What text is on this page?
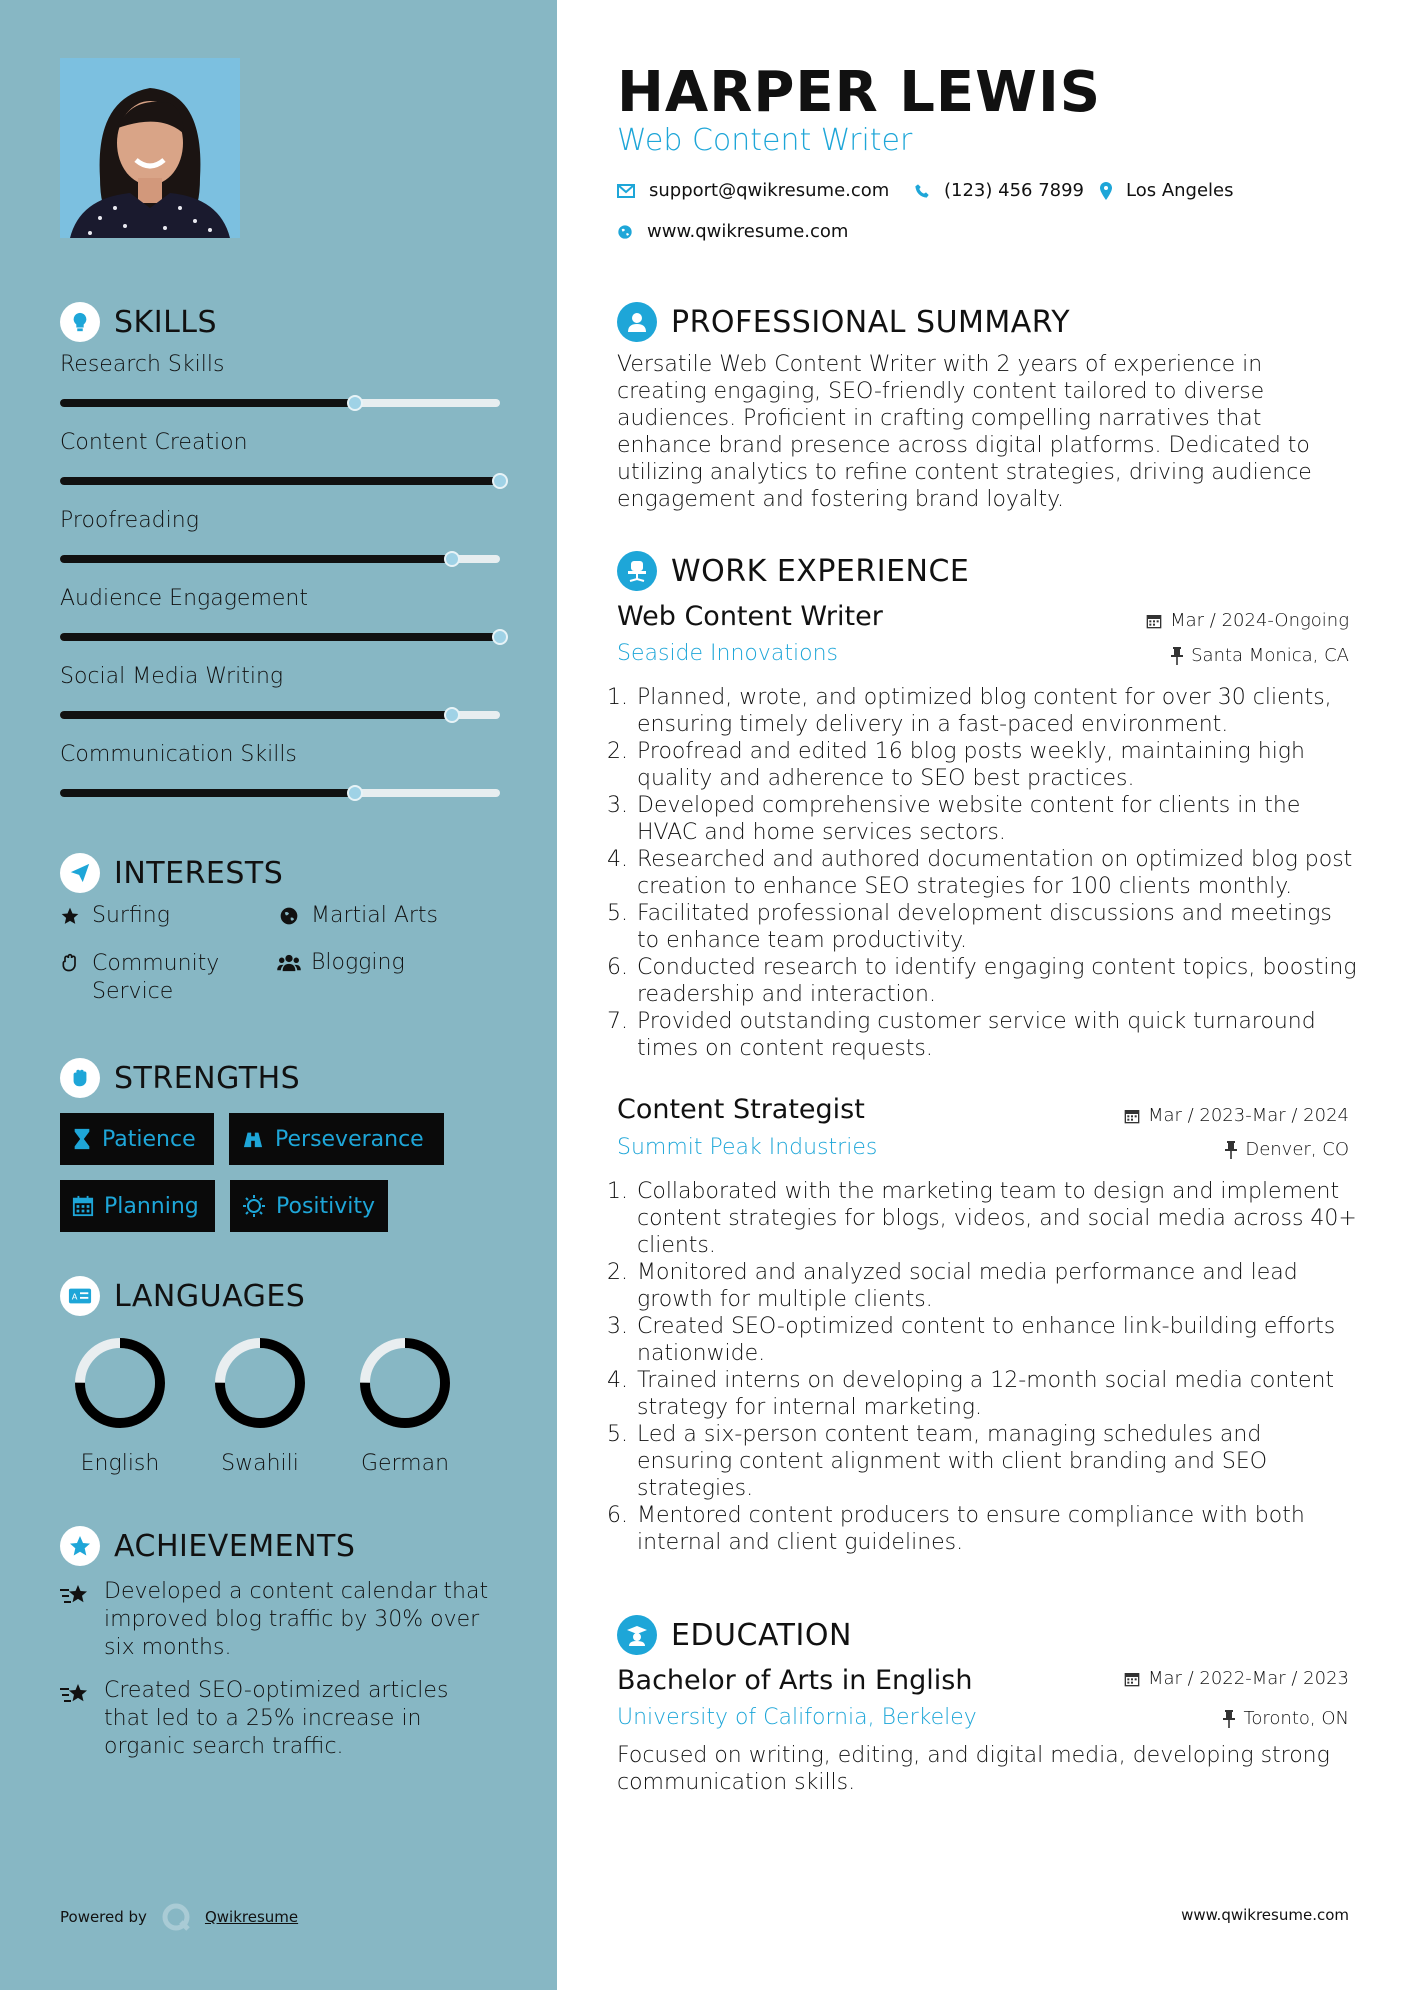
SKILLS
Research Skills
Content Creation
Proofreading
Audience Engagement
Social Media Writing
Communication Skills
INTERESTS
Surfing	Martial Arts
Community Service
Blogging
STRENGTHS
Patience	Perseverance
Planning	Positivity
A LANGUAGES
English	Swahili	German
ACHIEVEMENTS
Developed a content calendar that improved blog traffic by 30% over six months.
Created SEO-optimized articles that led to a 25% increase in organic search traffic.
Powered by	Qwikresume
HARPER LEWIS
Web Content Writer
support@qwikresume.com	(123) 456 7899 Los Angeles
www.qwikresume.com
PROFESSIONAL SUMMARY
Versatile Web Content Writer with 2 years of experience in creating engaging, SEO-friendly content tailored to diverse audiences. Proficient in crafting compelling narratives that enhance brand presence across digital platforms. Dedicated to utilizing analytics to refine content strategies, driving audience engagement and fostering brand loyalty.
WORK EXPERIENCE
Web Content Writer
Seaside Innovations
Mar / 2024-Ongoing
Santa Monica, CA
1. Planned, wrote, and optimized blog content for over 30 clients, ensuring timely delivery in a fast-paced environment.
2. Proofread and edited 16 blog posts weekly, maintaining high quality and adherence to SEO best practices.
3. Developed comprehensive website content for clients in the HVAC and home services sectors.
4. Researched and authored documentation on optimized blog post creation to enhance SEO strategies for 100 clients monthly.
5. Facilitated professional development discussions and meetings to enhance team productivity.
6. Conducted research to identify engaging content topics, boosting readership and interaction.
7. Provided outstanding customer service with quick turnaround times on content requests.
Content Strategist
Summit Peak Industries
Mar / 2023-Mar / 2024
Denver, CO
1. Collaborated with the marketing team to design and implement content strategies for blogs, videos, and social media across 40+ clients.
2. Monitored and analyzed social media performance and lead growth for multiple clients.
3. Created SEO-optimized content to enhance link-building efforts nationwide.
4. Trained interns on developing a 12-month social media content strategy for internal marketing.
5. Led a six-person content team, managing schedules and ensuring content alignment with client branding and SEO strategies.
6. Mentored content producers to ensure compliance with both internal and client guidelines.
EDUCATION
Bachelor of Arts in English
University of California, Berkeley
Mar / 2022-Mar / 2023
Toronto, ON
Focused on writing, editing, and digital media, developing strong communication skills.
www.qwikresume.com
